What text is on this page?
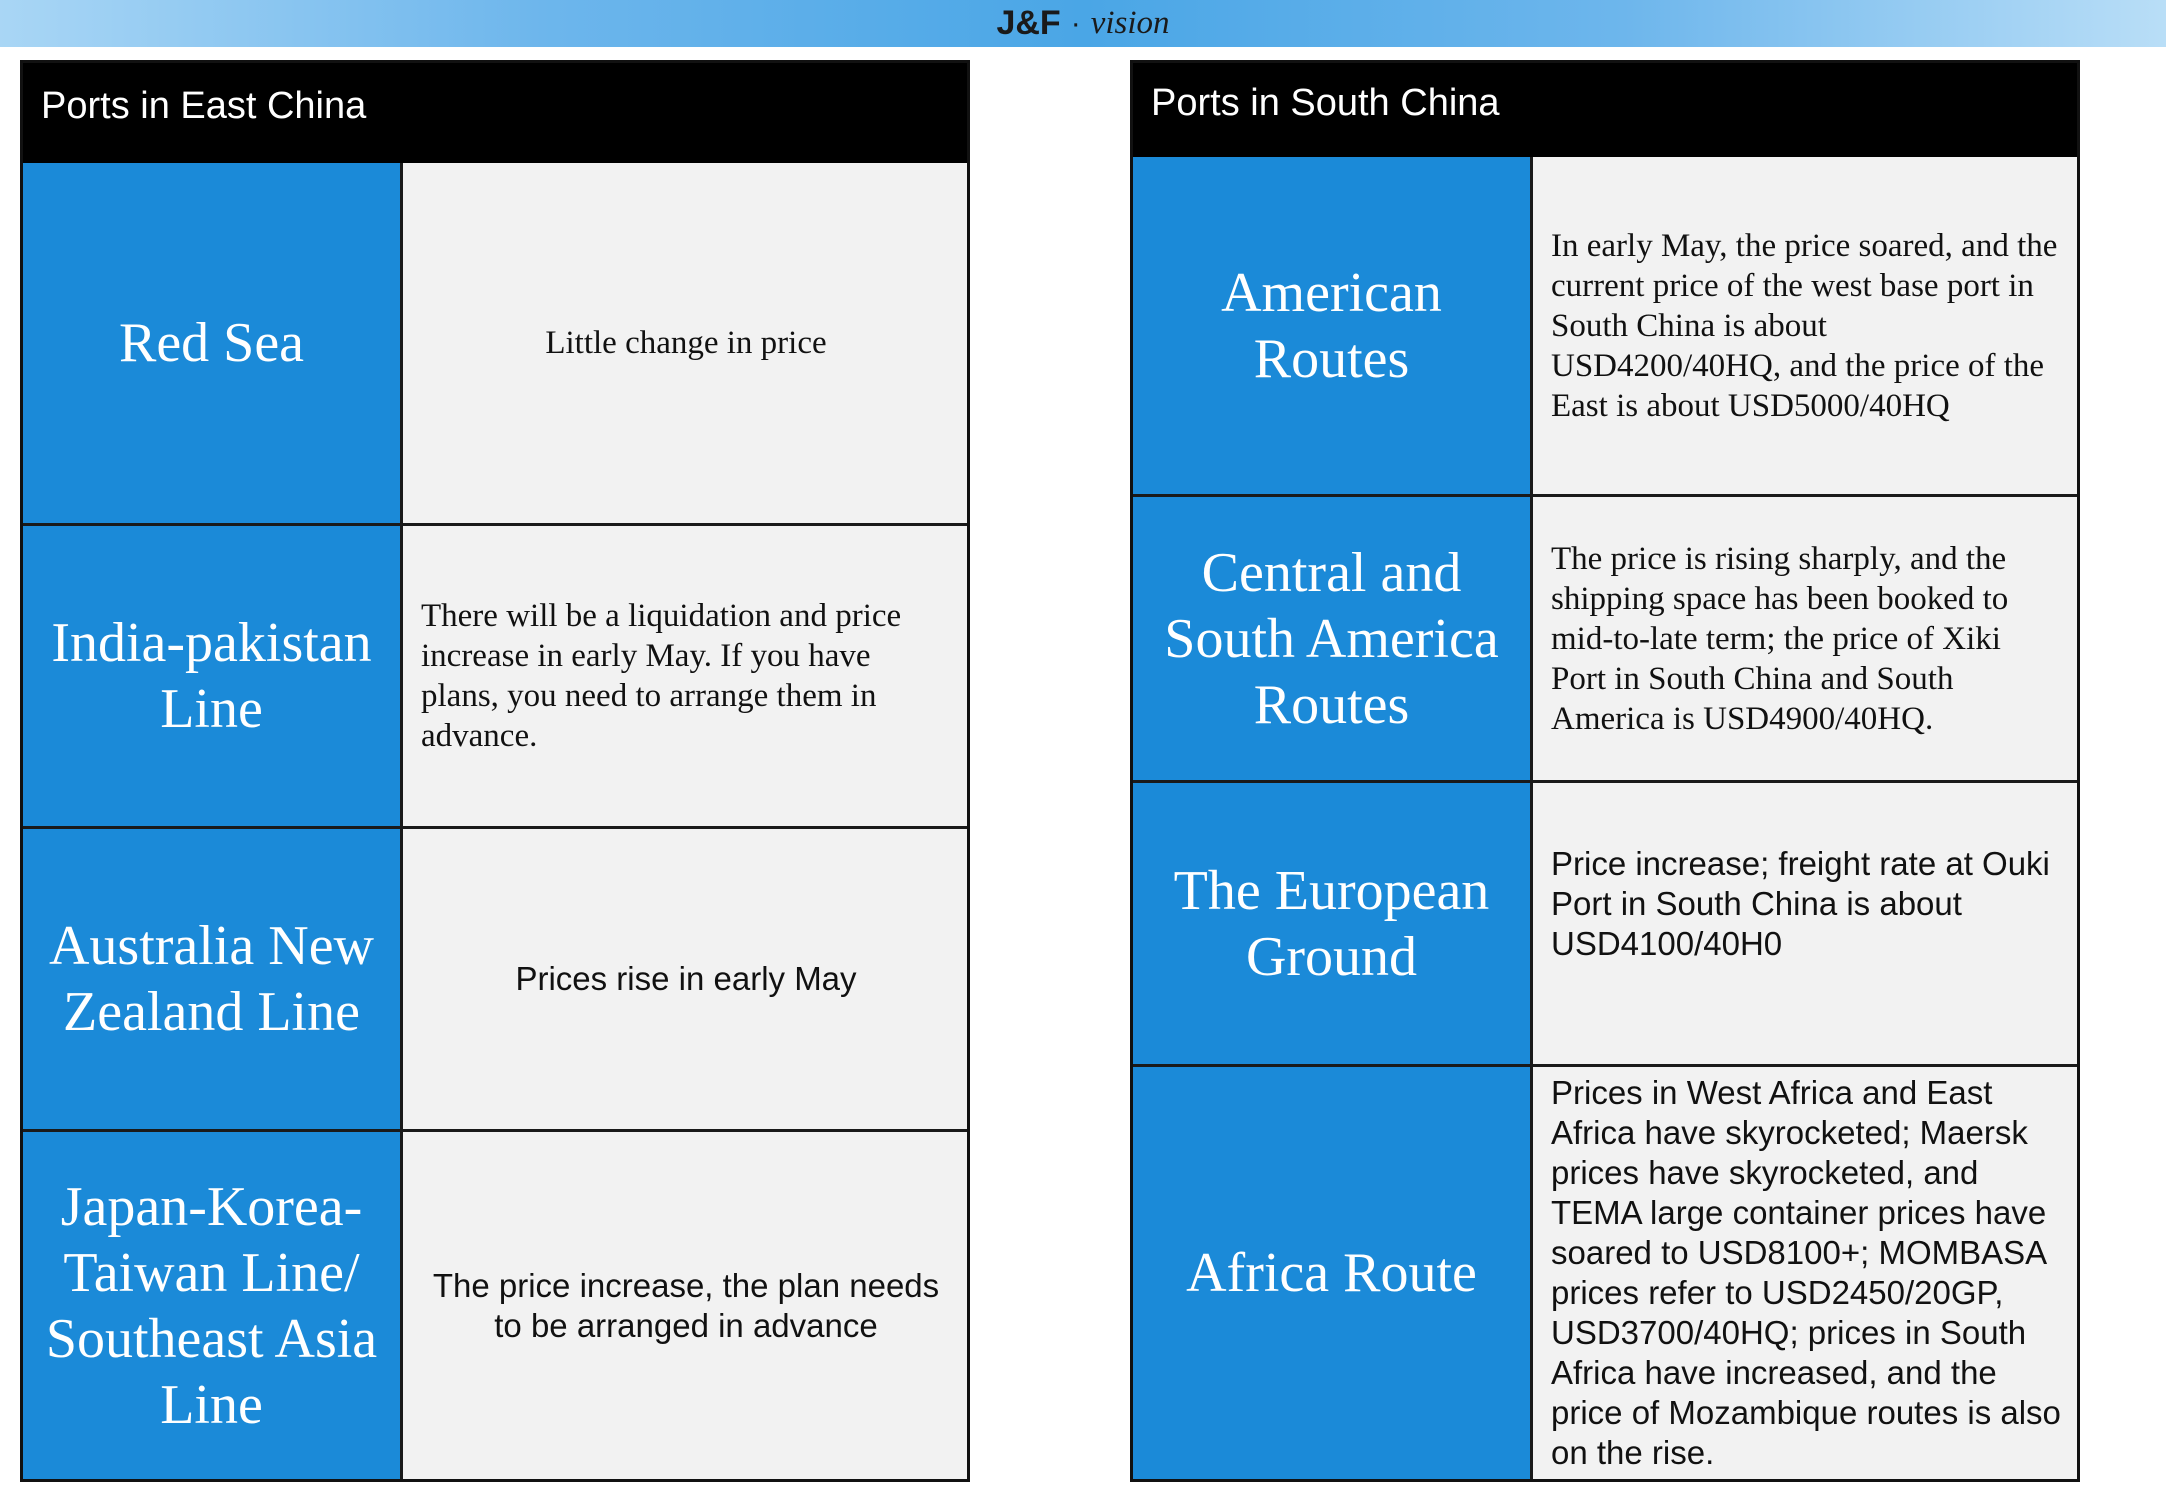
J&F · vision
Ports in East China
Red Sea	Little change in price
India-pakistan Line
There will be a liquidation and price increase in early May. If you have plans, you need to arrange them in advance.
Australia New Zealand Line
Prices rise in early May
Japan-Korea-Taiwan Line/ Southeast Asia Line
The price increase, the plan needs to be arranged in advance
Ports in South China
American Routes
In early May, the price soared, and the current price of the west base port in South China is about USD4200/40HQ, and the price of the East is about USD5000/40HQ
Central and South America Routes
The price is rising sharply, and the shipping space has been booked to mid-to-late term; the price of Xiki Port in South China and South America is USD4900/40HQ.
The European Ground
Price increase; freight rate at Ouki Port in South China is about USD4100/40H0
Africa Route
Prices in West Africa and East Africa have skyrocketed; Maersk prices have skyrocketed, and TEMA large container prices have soared to USD8100+; MOMBASA prices refer to USD2450/20GP, USD3700/40HQ; prices in South Africa have increased, and the price of Mozambique routes is also on the rise.
